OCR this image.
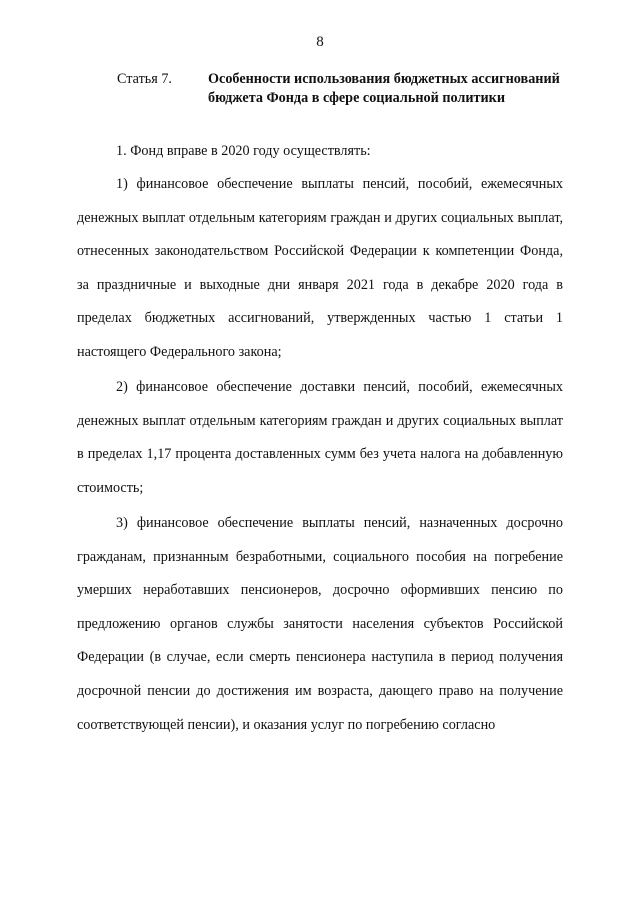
8
Статья 7.	Особенности использования бюджетных ассигнований бюджета Фонда в сфере социальной политики
1. Фонд вправе в 2020 году осуществлять:
1) финансовое обеспечение выплаты пенсий, пособий, ежемесячных денежных выплат отдельным категориям граждан и других социальных выплат, отнесенных законодательством Российской Федерации к компетенции Фонда, за праздничные и выходные дни января 2021 года в декабре 2020 года в пределах бюджетных ассигнований, утвержденных частью 1 статьи 1 настоящего Федерального закона;
2) финансовое обеспечение доставки пенсий, пособий, ежемесячных денежных выплат отдельным категориям граждан и других социальных выплат в пределах 1,17 процента доставленных сумм без учета налога на добавленную стоимость;
3) финансовое обеспечение выплаты пенсий, назначенных досрочно гражданам, признанным безработными, социального пособия на погребение умерших неработавших пенсионеров, досрочно оформивших пенсию по предложению органов службы занятости населения субъектов Российской Федерации (в случае, если смерть пенсионера наступила в период получения досрочной пенсии до достижения им возраста, дающего право на получение соответствующей пенсии), и оказания услуг по погребению согласно
